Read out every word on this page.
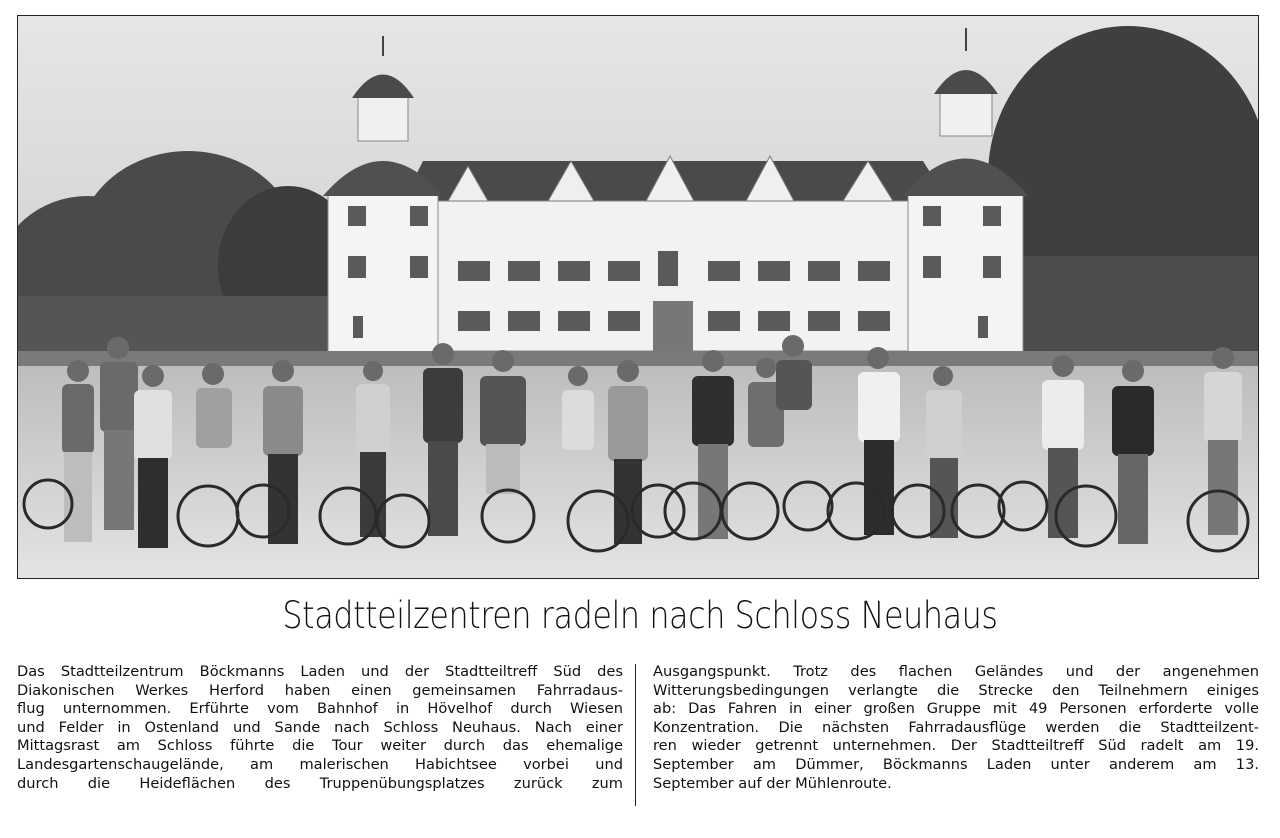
Stadtteilzentren radeln nach Schloss Neuhaus
Das Stadtteilzentrum Böckmanns Laden und der Stadtteiltreff Süd des
Diakonischen Werkes Herford haben einen gemeinsamen Fahrradaus-
flug unternommen. Erführte vom Bahnhof in Hövelhof durch Wiesen
und Felder in Ostenland und Sande nach Schloss Neuhaus. Nach einer
Mittagsrast am Schloss führte die Tour weiter durch das ehemalige
Landesgartenschaugelände, am malerischen Habichtsee vorbei und
durch die Heideflächen des Truppenübungsplatzes zurück zum
Ausgangspunkt. Trotz des flachen Geländes und der angenehmen
Witterungsbedingungen verlangte die Strecke den Teilnehmern einiges
ab: Das Fahren in einer großen Gruppe mit 49 Personen erforderte volle
Konzentration. Die nächsten Fahrradausflüge werden die Stadtteilzent-
ren wieder getrennt unternehmen. Der Stadtteiltreff Süd radelt am 19.
September am Dümmer, Böckmanns Laden unter anderem am 13.
September auf der Mühlenroute.
